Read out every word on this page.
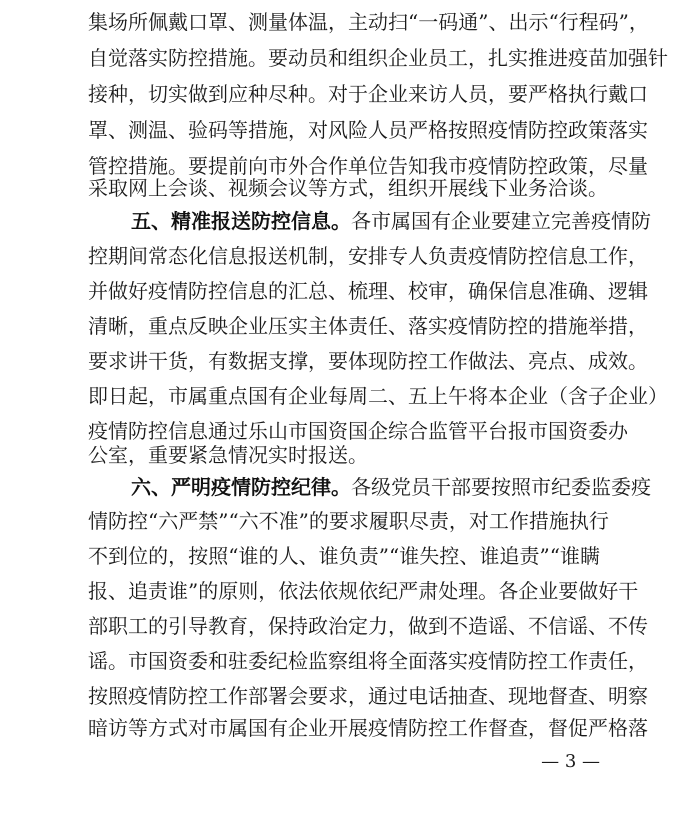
集场所佩戴口罩、测量体温，主动扫“一码通”、出示“行程码”，
自觉落实防控措施。要动员和组织企业员工，扎实推进疫苗加强针
接种，切实做到应种尽种。对于企业来访人员，要严格执行戴口
罩、测温、验码等措施，对风险人员严格按照疫情防控政策落实
管控措施。要提前向市外合作单位告知我市疫情防控政策，尽量
采取网上会谈、视频会议等方式，组织开展线下业务洽谈。
五、精准报送防控信息。各市属国有企业要建立完善疫情防
控期间常态化信息报送机制，安排专人负责疫情防控信息工作，
并做好疫情防控信息的汇总、梳理、校审，确保信息准确、逻辑
清晰，重点反映企业压实主体责任、落实疫情防控的措施举措，
要求讲干货，有数据支撑，要体现防控工作做法、亮点、成效。
即日起，市属重点国有企业每周二、五上午将本企业（含子企业）
疫情防控信息通过乐山市国资国企综合监管平台报市国资委办
公室，重要紧急情况实时报送。
六、严明疫情防控纪律。各级党员干部要按照市纪委监委疫
情防控“六严禁”“六不准”的要求履职尽责，对工作措施执行
不到位的，按照“谁的人、谁负责”“谁失控、谁追责”“谁瞒
报、追责谁”的原则，依法依规依纪严肃处理。各企业要做好干
部职工的引导教育，保持政治定力，做到不造谣、不信谣、不传
谣。市国资委和驻委纪检监察组将全面落实疫情防控工作责任，
按照疫情防控工作部署会要求，通过电话抽查、现地督查、明察
暗访等方式对市属国有企业开展疫情防控工作督查，督促严格落
— 3 —
